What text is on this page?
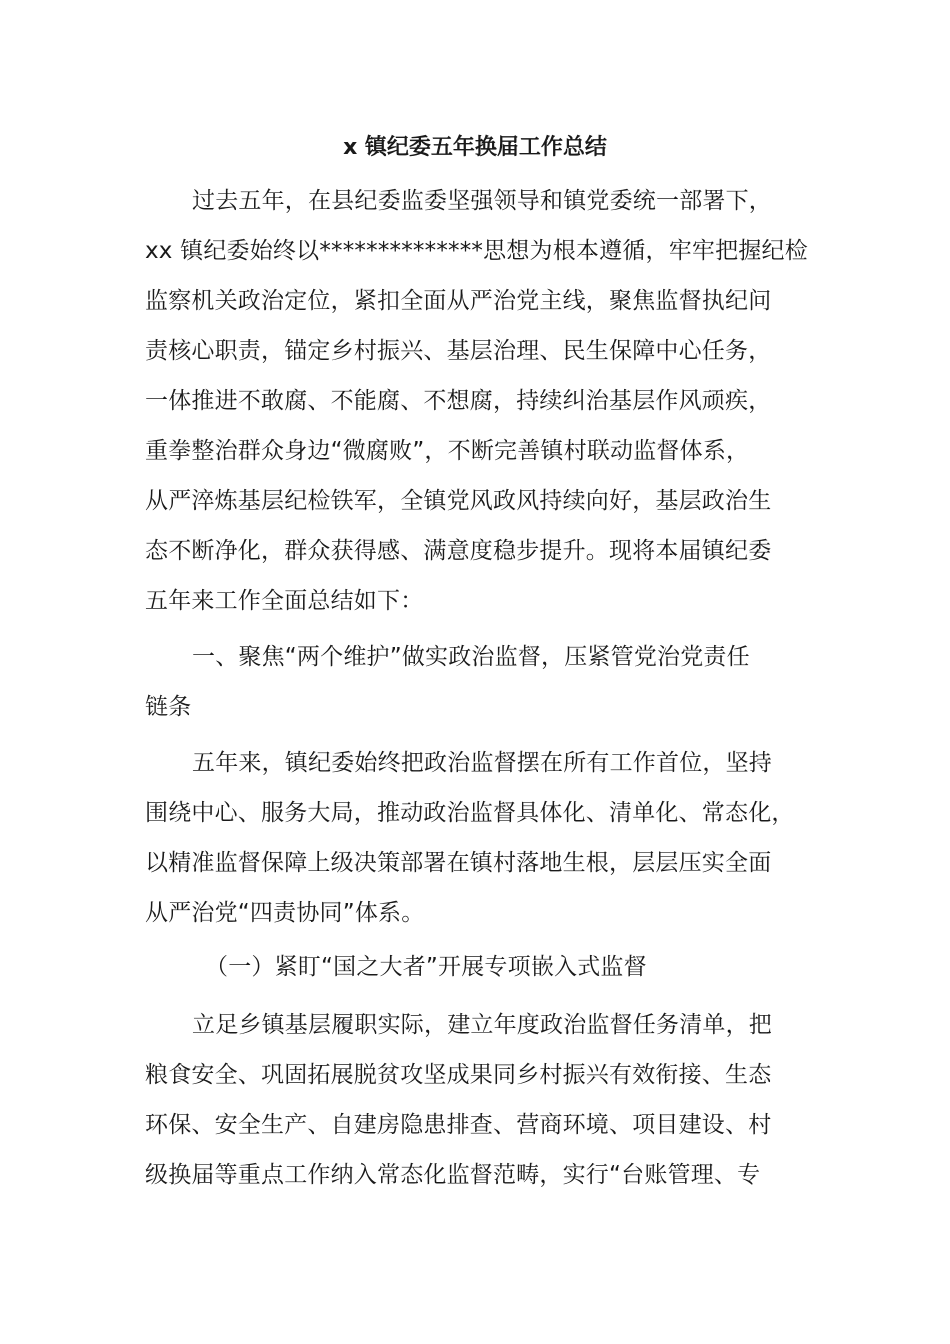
x 镇纪委五年换届工作总结

过去五年，在县纪委监委坚强领导和镇党委统一部署下，
xx 镇纪委始终以**************思想为根本遵循，牢牢把握纪检
监察机关政治定位，紧扣全面从严治党主线，聚焦监督执纪问
责核心职责，锚定乡村振兴、基层治理、民生保障中心任务，
一体推进不敢腐、不能腐、不想腐，持续纠治基层作风顽疾，
重拳整治群众身边“微腐败”，不断完善镇村联动监督体系，
从严淬炼基层纪检铁军，全镇党风政风持续向好，基层政治生
态不断净化，群众获得感、满意度稳步提升。现将本届镇纪委
五年来工作全面总结如下：

一、聚焦“两个维护”做实政治监督，压紧管党治党责任
链条

五年来，镇纪委始终把政治监督摆在所有工作首位，坚持
围绕中心、服务大局，推动政治监督具体化、清单化、常态化，
以精准监督保障上级决策部署在镇村落地生根，层层压实全面
从严治党“四责协同”体系。

（一）紧盯“国之大者”开展专项嵌入式监督

立足乡镇基层履职实际，建立年度政治监督任务清单，把
粮食安全、巩固拓展脱贫攻坚成果同乡村振兴有效衔接、生态
环保、安全生产、自建房隐患排查、营商环境、项目建设、村
级换届等重点工作纳入常态化监督范畴，实行“台账管理、专
